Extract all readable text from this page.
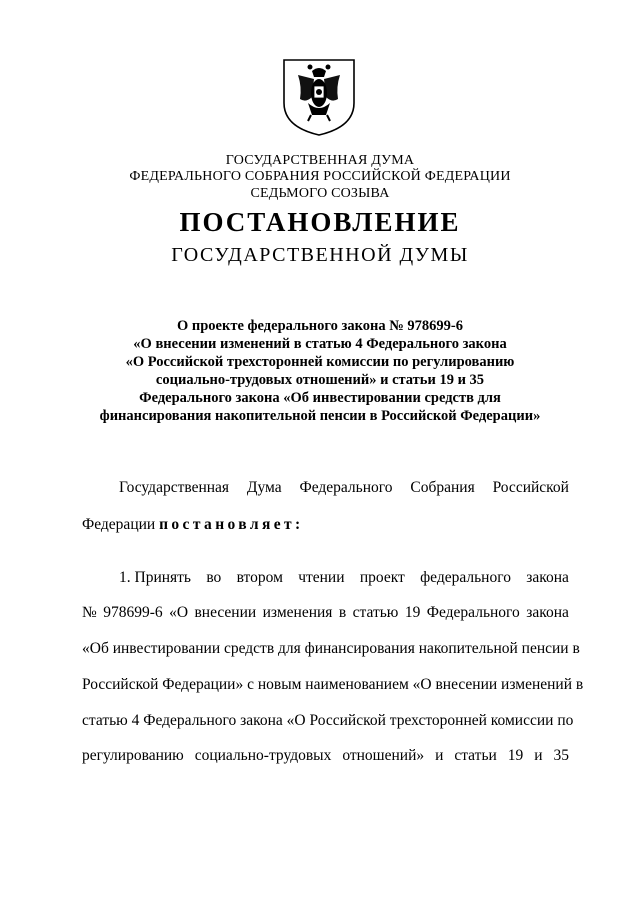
ГОСУДАРСТВЕННАЯ ДУМА
ФЕДЕРАЛЬНОГО СОБРАНИЯ РОССИЙСКОЙ ФЕДЕРАЦИИ
СЕДЬМОГО СОЗЫВА
ПОСТАНОВЛЕНИЕ
ГОСУДАРСТВЕННОЙ ДУМЫ
О проекте федерального закона № 978699-6
«О внесении изменений в статью 4 Федерального закона
«О Российской трехсторонней комиссии по регулированию
социально-трудовых отношений» и статьи 19 и 35
Федерального закона «Об инвестировании средств для
финансирования накопительной пенсии в Российской Федерации»
Государственная Дума Федерального Собрания Российской
Федерации постановляет:
1. Принять во втором чтении проект федерального закона
№ 978699-6 «О внесении изменения в статью 19 Федерального закона
«Об инвестировании средств для финансирования накопительной пенсии в
Российской Федерации» с новым наименованием «О внесении изменений в
статью 4 Федерального закона «О Российской трехсторонней комиссии по
регулированию социально-трудовых отношений» и статьи 19 и 35
